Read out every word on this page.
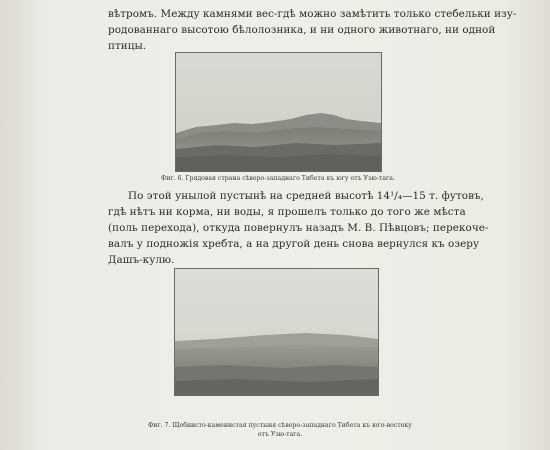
вѣтромъ. Между камнями вес-гдѣ можно замѣтить только стебельки изу-
родованнаго высотою бѣлолозника, и ни одного животнаго, ни одной
птицы.
Фиг. 6. Грядовая страна сѣверо-западнаго Тибета къ югу отъ Узю-тага.
По этой унылой пустынѣ на средней высотѣ 14¹/₄—15 т. футовъ,
гдѣ нѣтъ ни корма, ни воды, я прошелъ только до того же мѣста
(поль перехода), откуда повернулъ назадъ М. В. Пѣвцовъ; перекоче-
валъ у подножія хребта, а на другой день снова вернулся къ озеру
Дашъ-кулю.
Фиг. 7. Щебнисто-каменистая пустыня сѣверо-западнаго Тибета къ юго-востоку
отъ Узю-тага.
